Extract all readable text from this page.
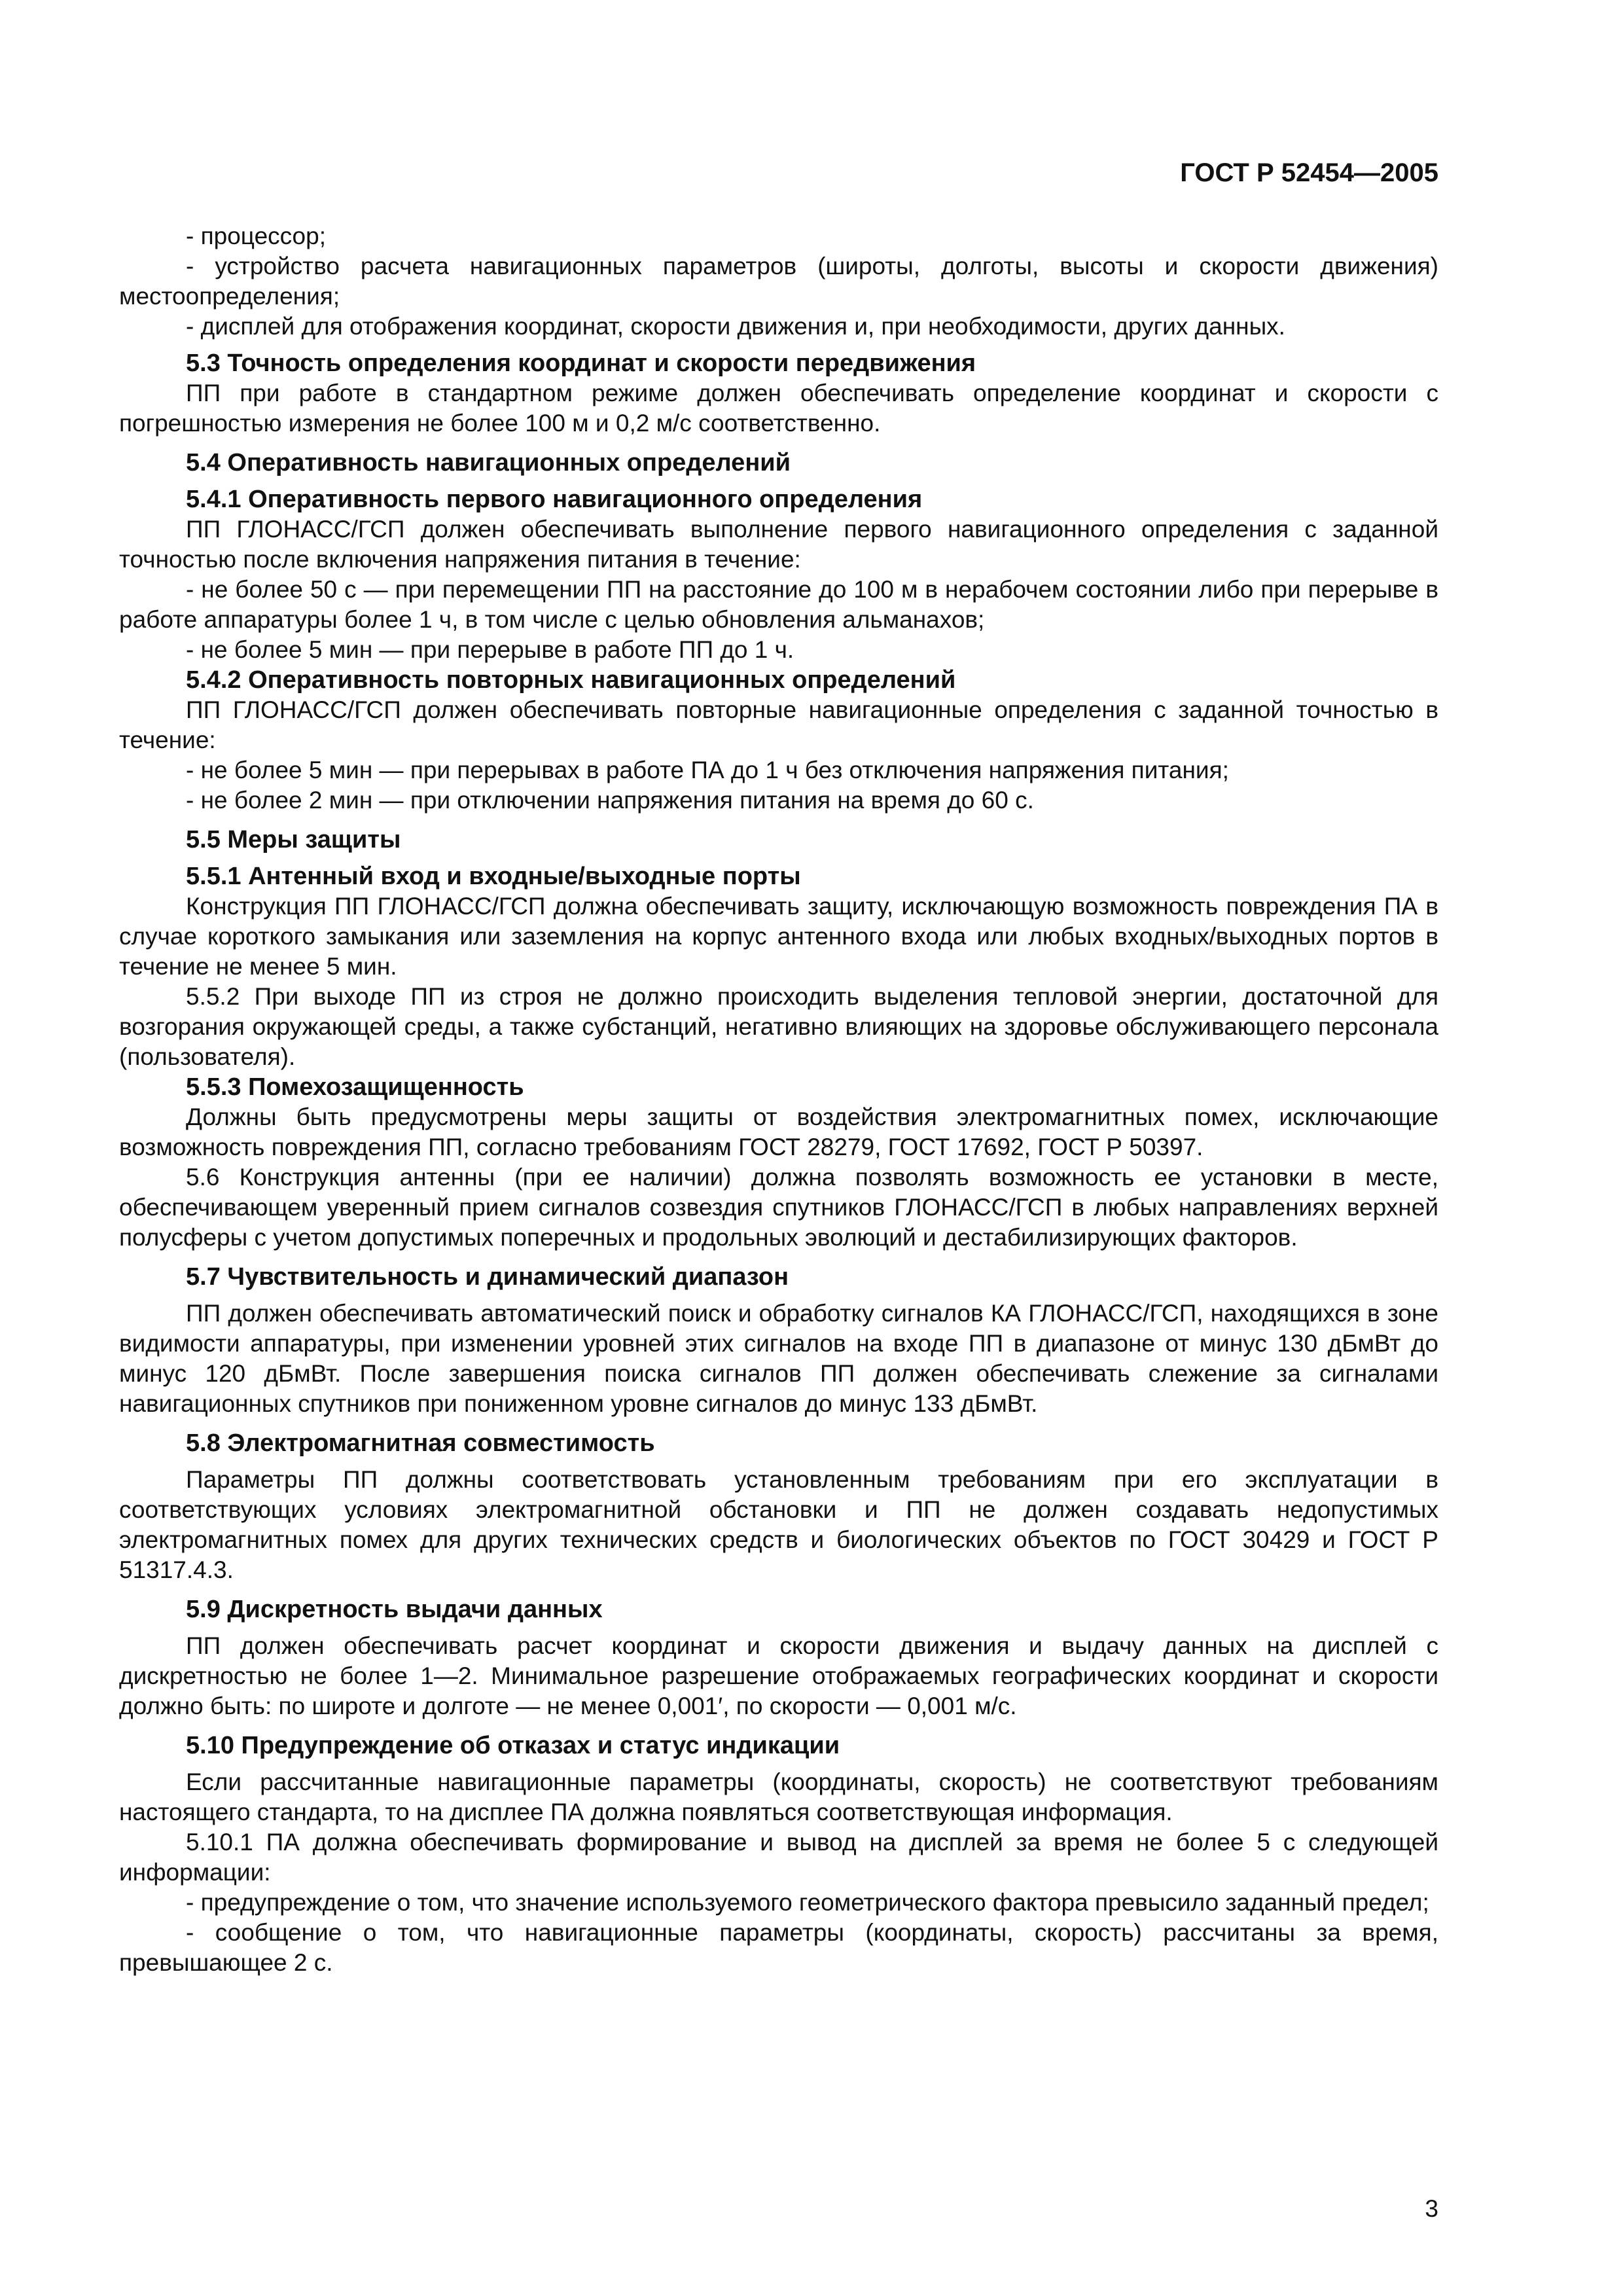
ГОСТ Р 52454—2005

- процессор;

- устройство расчета навигационных параметров (широты, долготы, высоты и скорости движения) местоопределения;

- дисплей для отображения координат, скорости движения и, при необходимости, других данных.

5.3 Точность определения координат и скорости передвижения

ПП при работе в стандартном режиме должен обеспечивать определение координат и скорости с погрешностью измерения не более 100 м и 0,2 м/с соответственно.

5.4 Оперативность навигационных определений
5.4.1 Оперативность первого навигационного определения

ПП ГЛОНАСС/ГСП должен обеспечивать выполнение первого навигационного определения с заданной точностью после включения напряжения питания в течение:

- не более 50 с — при перемещении ПП на расстояние до 100 м в нерабочем состоянии либо при перерыве в работе аппаратуры более 1 ч, в том числе с целью обновления альманахов;

- не более 5 мин — при перерыве в работе ПП до 1 ч.

5.4.2 Оперативность повторных навигационных определений

ПП ГЛОНАСС/ГСП должен обеспечивать повторные навигационные определения с заданной точностью в течение:

- не более 5 мин — при перерывах в работе ПА до 1 ч без отключения напряжения питания;

- не более 2 мин — при отключении напряжения питания на время до 60 с.

5.5 Меры защиты
5.5.1 Антенный вход и входные/выходные порты

Конструкция ПП ГЛОНАСС/ГСП должна обеспечивать защиту, исключающую возможность повреждения ПА в случае короткого замыкания или заземления на корпус антенного входа или любых входных/выходных портов в течение не менее 5 мин.

5.5.2 При выходе ПП из строя не должно происходить выделения тепловой энергии, достаточной для возгорания окружающей среды, а также субстанций, негативно влияющих на здоровье обслуживающего персонала (пользователя).

5.5.3 Помехозащищенность

Должны быть предусмотрены меры защиты от воздействия электромагнитных помех, исключающие возможность повреждения ПП, согласно требованиям ГОСТ 28279, ГОСТ 17692, ГОСТ Р 50397.

5.6 Конструкция антенны (при ее наличии) должна позволять возможность ее установки в месте, обеспечивающем уверенный прием сигналов созвездия спутников ГЛОНАСС/ГСП в любых направлениях верхней полусферы с учетом допустимых поперечных и продольных эволюций и дестабилизирующих факторов.

5.7 Чувствительность и динамический диапазон

ПП должен обеспечивать автоматический поиск и обработку сигналов КА ГЛОНАСС/ГСП, находящихся в зоне видимости аппаратуры, при изменении уровней этих сигналов на входе ПП в диапазоне от минус 130 дБмВт до минус 120 дБмВт. После завершения поиска сигналов ПП должен обеспечивать слежение за сигналами навигационных спутников при пониженном уровне сигналов до минус 133 дБмВт.

5.8 Электромагнитная совместимость

Параметры ПП должны соответствовать установленным требованиям при его эксплуатации в соответствующих условиях электромагнитной обстановки и ПП не должен создавать недопустимых электромагнитных помех для других технических средств и биологических объектов по ГОСТ 30429 и ГОСТ Р 51317.4.3.

5.9 Дискретность выдачи данных

ПП должен обеспечивать расчет координат и скорости движения и выдачу данных на дисплей с дискретностью не более 1—2. Минимальное разрешение отображаемых географических координат и скорости должно быть: по широте и долготе — не менее 0,001′, по скорости — 0,001 м/с.

5.10 Предупреждение об отказах и статус индикации

Если рассчитанные навигационные параметры (координаты, скорость) не соответствуют требованиям настоящего стандарта, то на дисплее ПА должна появляться соответствующая информация.

5.10.1 ПА должна обеспечивать формирование и вывод на дисплей за время не более 5 с следующей информации:

- предупреждение о том, что значение используемого геометрического фактора превысило заданный предел;

- сообщение о том, что навигационные параметры (координаты, скорость) рассчитаны за время, превышающее 2 с.

3
